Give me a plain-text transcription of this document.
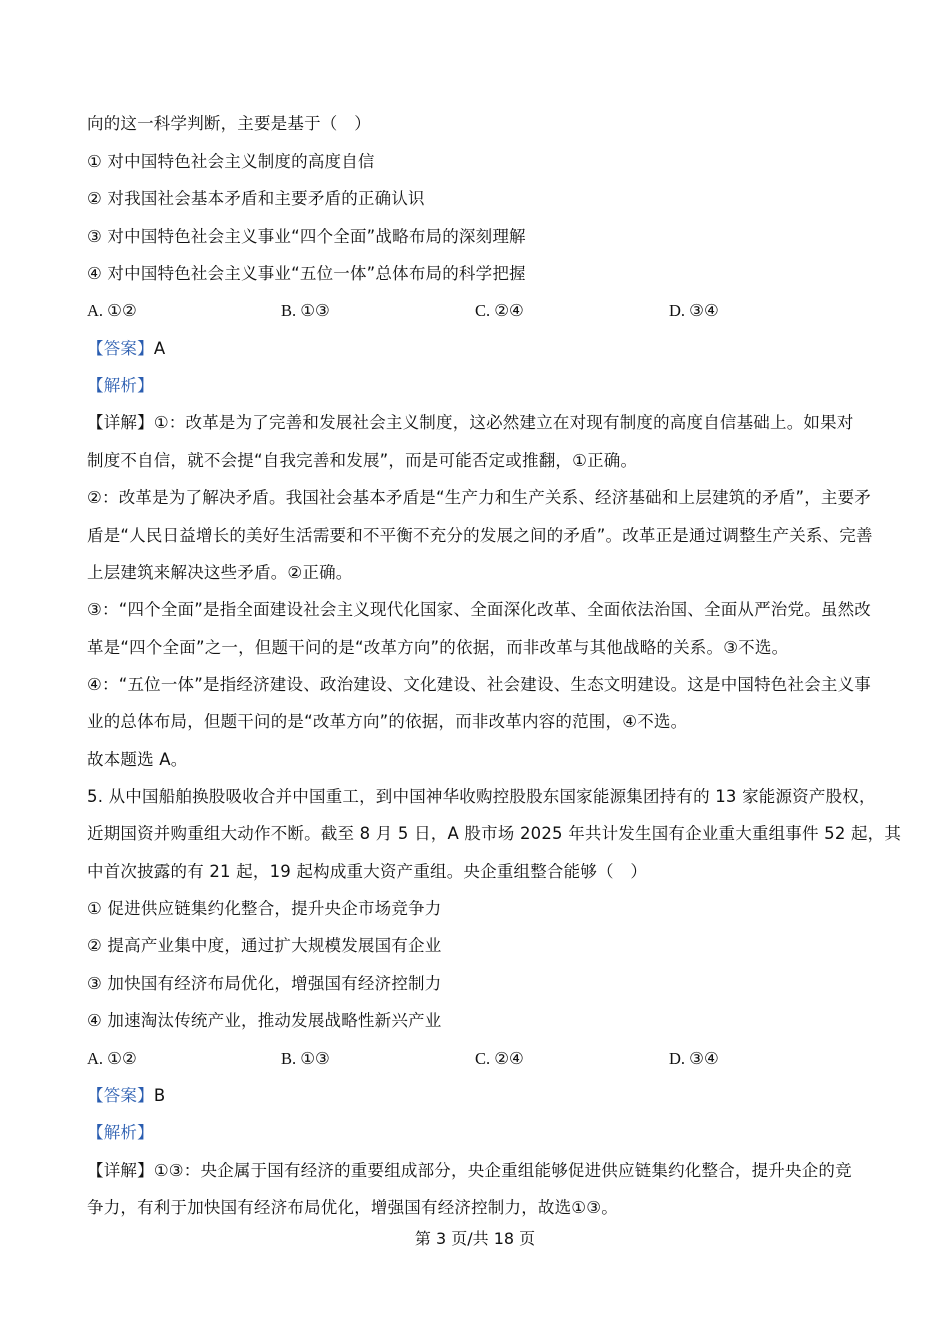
向的这一科学判断，主要是基于（　）
① 对中国特色社会主义制度的高度自信
② 对我国社会基本矛盾和主要矛盾的正确认识
③ 对中国特色社会主义事业“四个全面”战略布局的深刻理解
④ 对中国特色社会主义事业“五位一体”总体布局的科学把握
A. ①②	B. ①③	C. ②④	D. ③④
【答案】A
【解析】
【详解】①：改革是为了完善和发展社会主义制度，这必然建立在对现有制度的高度自信基础上。如果对
制度不自信，就不会提“自我完善和发展”，而是可能否定或推翻，①正确。
②：改革是为了解决矛盾。我国社会基本矛盾是“生产力和生产关系、经济基础和上层建筑的矛盾”，主要矛
盾是“人民日益增长的美好生活需要和不平衡不充分的发展之间的矛盾”。改革正是通过调整生产关系、完善
上层建筑来解决这些矛盾。②正确。
③：“四个全面”是指全面建设社会主义现代化国家、全面深化改革、全面依法治国、全面从严治党。虽然改
革是“四个全面”之一，但题干问的是“改革方向”的依据，而非改革与其他战略的关系。③不选。
④：“五位一体”是指经济建设、政治建设、文化建设、社会建设、生态文明建设。这是中国特色社会主义事
业的总体布局，但题干问的是“改革方向”的依据，而非改革内容的范围，④不选。
故本题选 A。
5. 从中国船舶换股吸收合并中国重工，到中国神华收购控股股东国家能源集团持有的 13 家能源资产股权，
近期国资并购重组大动作不断。截至 8 月 5 日，A 股市场 2025 年共计发生国有企业重大重组事件 52 起，其
中首次披露的有 21 起，19 起构成重大资产重组。央企重组整合能够（　）
① 促进供应链集约化整合，提升央企市场竞争力
② 提高产业集中度，通过扩大规模发展国有企业
③ 加快国有经济布局优化，增强国有经济控制力
④ 加速淘汰传统产业，推动发展战略性新兴产业
A. ①②	B. ①③	C. ②④	D. ③④
【答案】B
【解析】
【详解】①③：央企属于国有经济的重要组成部分，央企重组能够促进供应链集约化整合，提升央企的竞
争力，有利于加快国有经济布局优化，增强国有经济控制力，故选①③。
第 3 页/共 18 页
